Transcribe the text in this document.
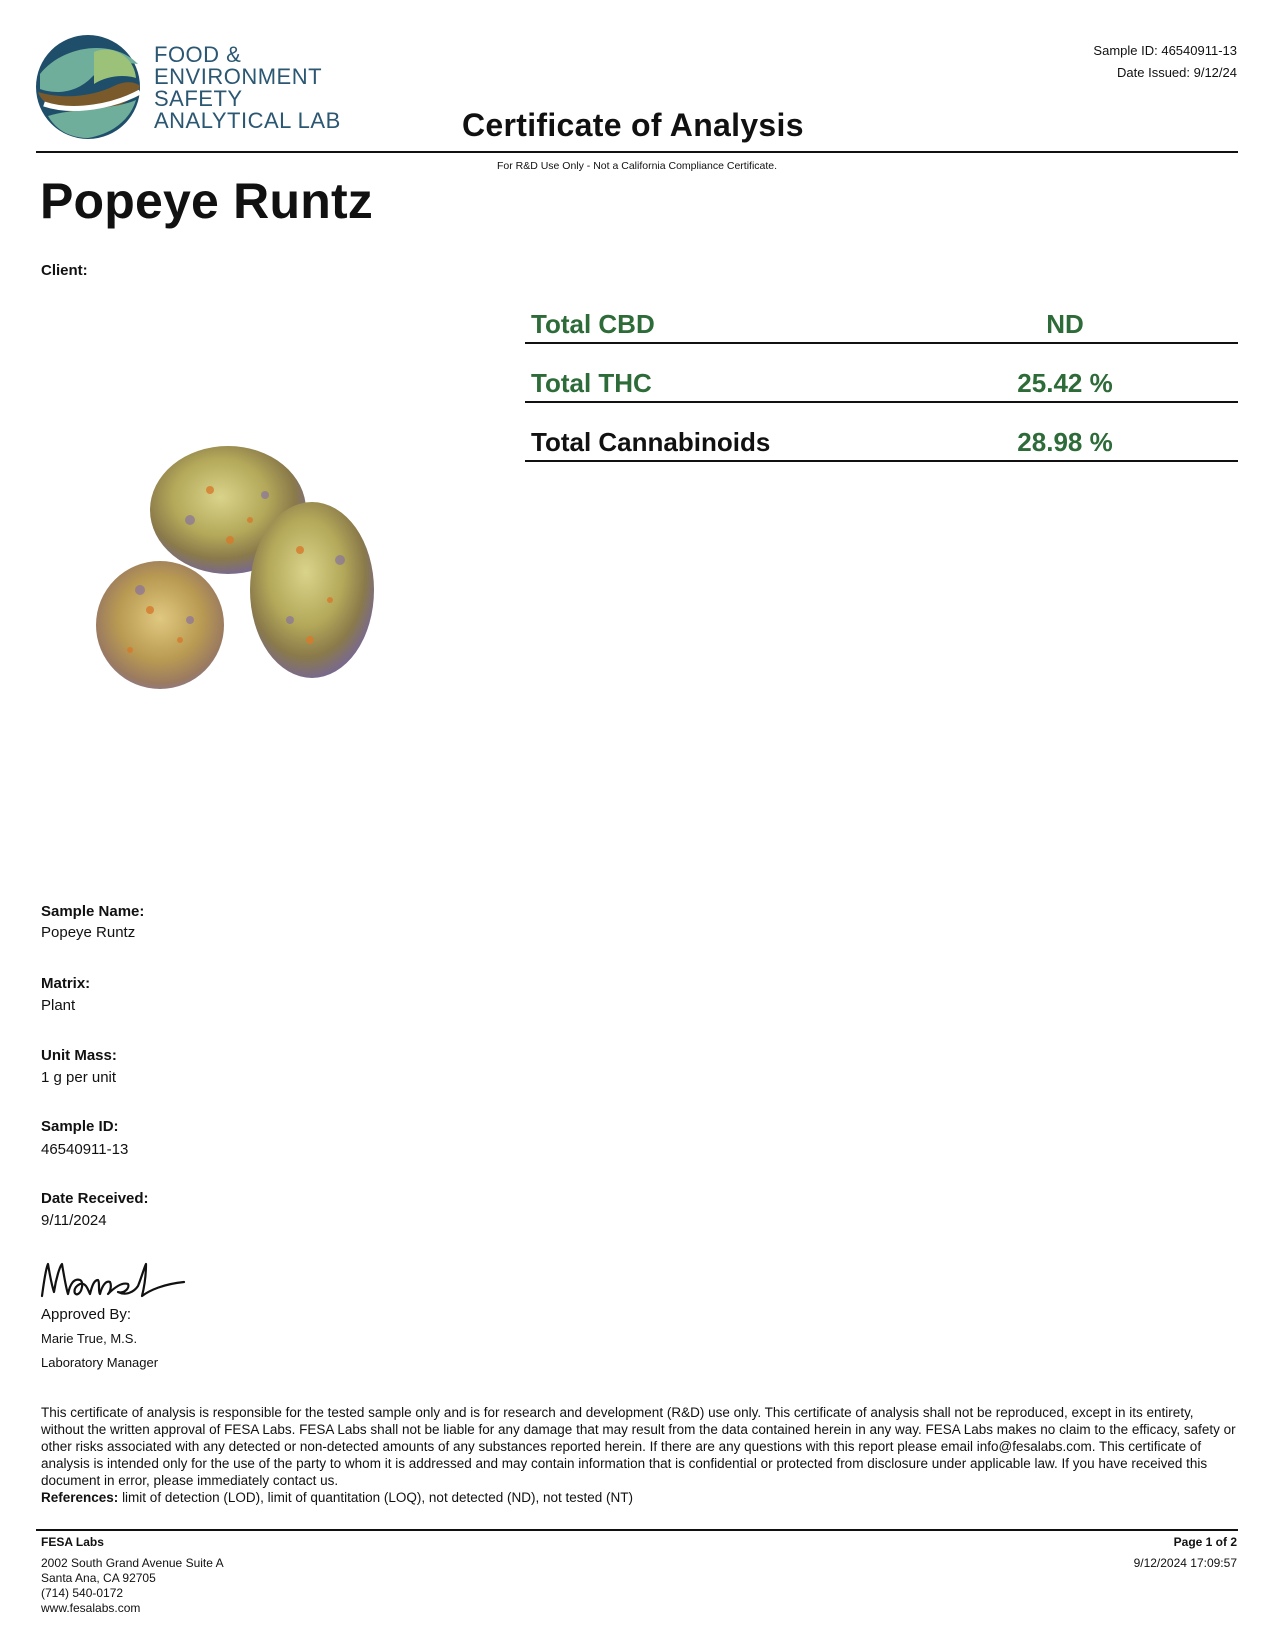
FOOD &
ENVIRONMENT
SAFETY
ANALYTICAL LAB
Sample ID: 46540911-13
Date Issued: 9/12/24
Certificate of Analysis
For R&D Use Only - Not a California Compliance Certificate.
Popeye Runtz
Client:
Total CBD	ND
Total THC	25.42 %
Total Cannabinoids	28.98 %
Sample Name:
Popeye Runtz
Matrix:
Plant
Unit Mass:
1 g per unit
Sample ID:
46540911-13
Date Received:
9/11/2024
Approved By:
Marie True, M.S.
Laboratory Manager
This certificate of analysis is responsible for the tested sample only and is for research and development (R&D) use only. This certificate of analysis shall not be reproduced, except in its entirety, without the written approval of FESA Labs. FESA Labs shall not be liable for any damage that may result from the data contained herein in any way. FESA Labs makes no claim to the efficacy, safety or other risks associated with any detected or non-detected amounts of any substances reported herein. If there are any questions with this report please email info@fesalabs.com. This certificate of analysis is intended only for the use of the party to whom it is addressed and may contain information that is confidential or protected from disclosure under applicable law. If you have received this document in error, please immediately contact us.
References: limit of detection (LOD), limit of quantitation (LOQ), not detected (ND), not tested (NT)
FESA Labs
2002 South Grand Avenue Suite A
Santa Ana, CA 92705
(714) 540-0172
www.fesalabs.com
Page 1 of 2
9/12/2024 17:09:57
